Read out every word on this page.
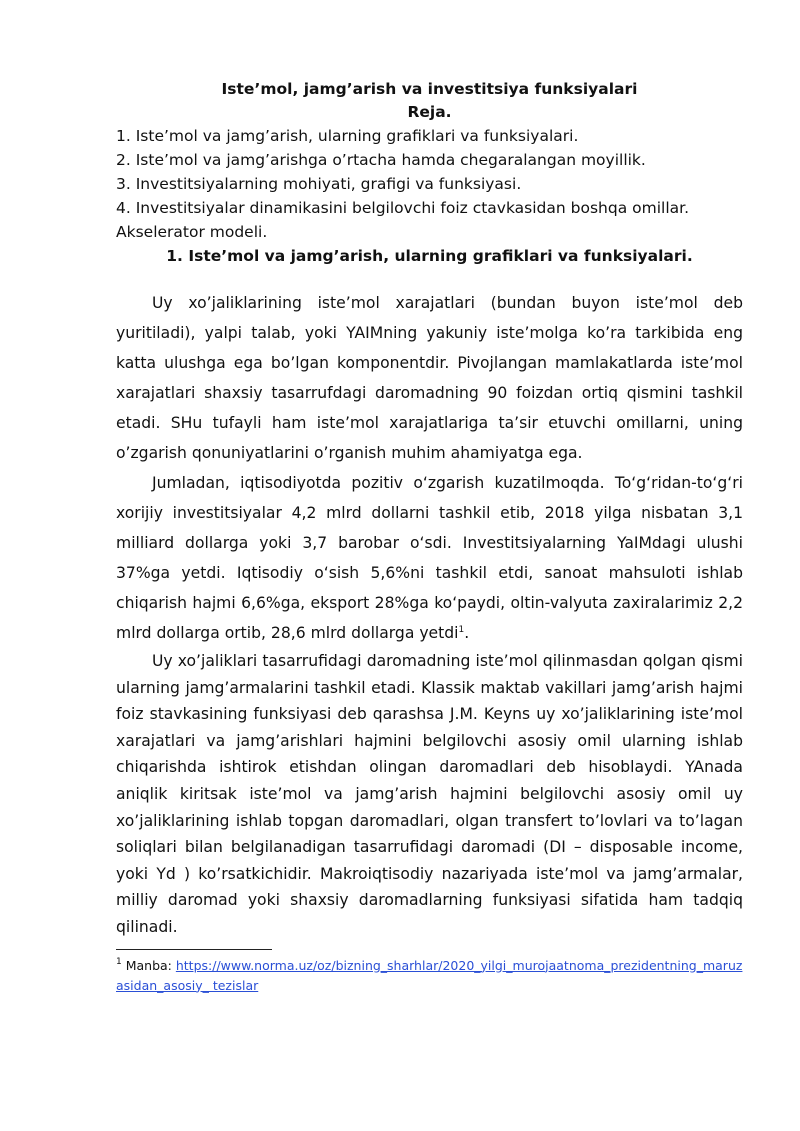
Iste’mol, jamg’arish va investitsiya funksiyalari

Reja.

1. Iste’mol va jamg’arish, ularning grafiklari va funksiyalari.

2. Iste’mol va jamg’arishga o’rtacha hamda chegaralangan moyillik.

3. Investitsiyalarning mohiyati, grafigi va funksiyasi.

4. Investitsiyalar dinamikasini belgilovchi foiz ctavkasidan boshqa omillar. Akselerator modeli.

1. Iste’mol va jamg’arish, ularning grafiklari va funksiyalari.

Uy xo’jaliklarining iste’mol xarajatlari (bundan buyon iste’mol deb yuritiladi), yalpi talab, yoki YAIMning yakuniy iste’molga ko’ra tarkibida eng katta ulushga ega bo’lgan komponentdir. Pivojlangan mamlakatlarda iste’mol xarajatlari shaxsiy tasarrufdagi daromadning 90 foizdan ortiq qismini tashkil etadi. SHu tufayli ham iste’mol xarajatlariga ta’sir etuvchi omillarni, uning o’zgarish qonuniyatlarini o’rganish muhim ahamiyatga ega.

Jumladan, iqtisodiyotda pozitiv o‘zgarish kuzatilmoqda. To‘g‘ridan-to‘g‘ri xorijiy investitsiyalar 4,2 mlrd dollarni tashkil etib, 2018 yilga nisbatan 3,1 milliard dollarga yoki 3,7 barobar o‘sdi. Investitsiyalarning YaIMdagi ulushi 37%ga yetdi. Iqtisodiy o‘sish 5,6%ni tashkil etdi, sanoat mahsuloti ishlab chiqarish hajmi 6,6%ga, eksport 28%ga ko‘paydi, oltin-valyuta zaxiralarimiz 2,2 mlrd dollarga ortib, 28,6 mlrd dollarga yetdi$^1$.

Uy xo’jaliklari tasarrufidagi daromadning iste’mol qilinmasdan qolgan qismi ularning jamg’armalarini tashkil etadi. Klassik maktab vakillari jamg’arish hajmi foiz stavkasining funksiyasi deb qarashsa J.M. Keyns uy xo’jaliklarining iste’mol xarajatlari va jamg’arishlari hajmini belgilovchi asosiy omil ularning ishlab chiqarishda ishtirok etishdan olingan daromadlari deb hisoblaydi. YAnada aniqlik kiritsak iste’mol va jamg’arish hajmini belgilovchi asosiy omil uy xo’jaliklarining ishlab topgan daromadlari, olgan transfert to’lovlari va to’lagan soliqlari bilan belgilanadigan tasarrufidagi daromadi (DI – disposable income, yoki Yd ) ko’rsatkichidir. Makroiqtisodiy nazariyada iste’mol va jamg’armalar, milliy daromad yoki shaxsiy daromadlarning funksiyasi sifatida ham tadqiq qilinadi.

$^1$ Manba: https://www.norma.uz/oz/bizning_sharhlar/2020_yilgi_murojaatnoma_prezidentning_maruzasidan_asosiy_ tezislar
